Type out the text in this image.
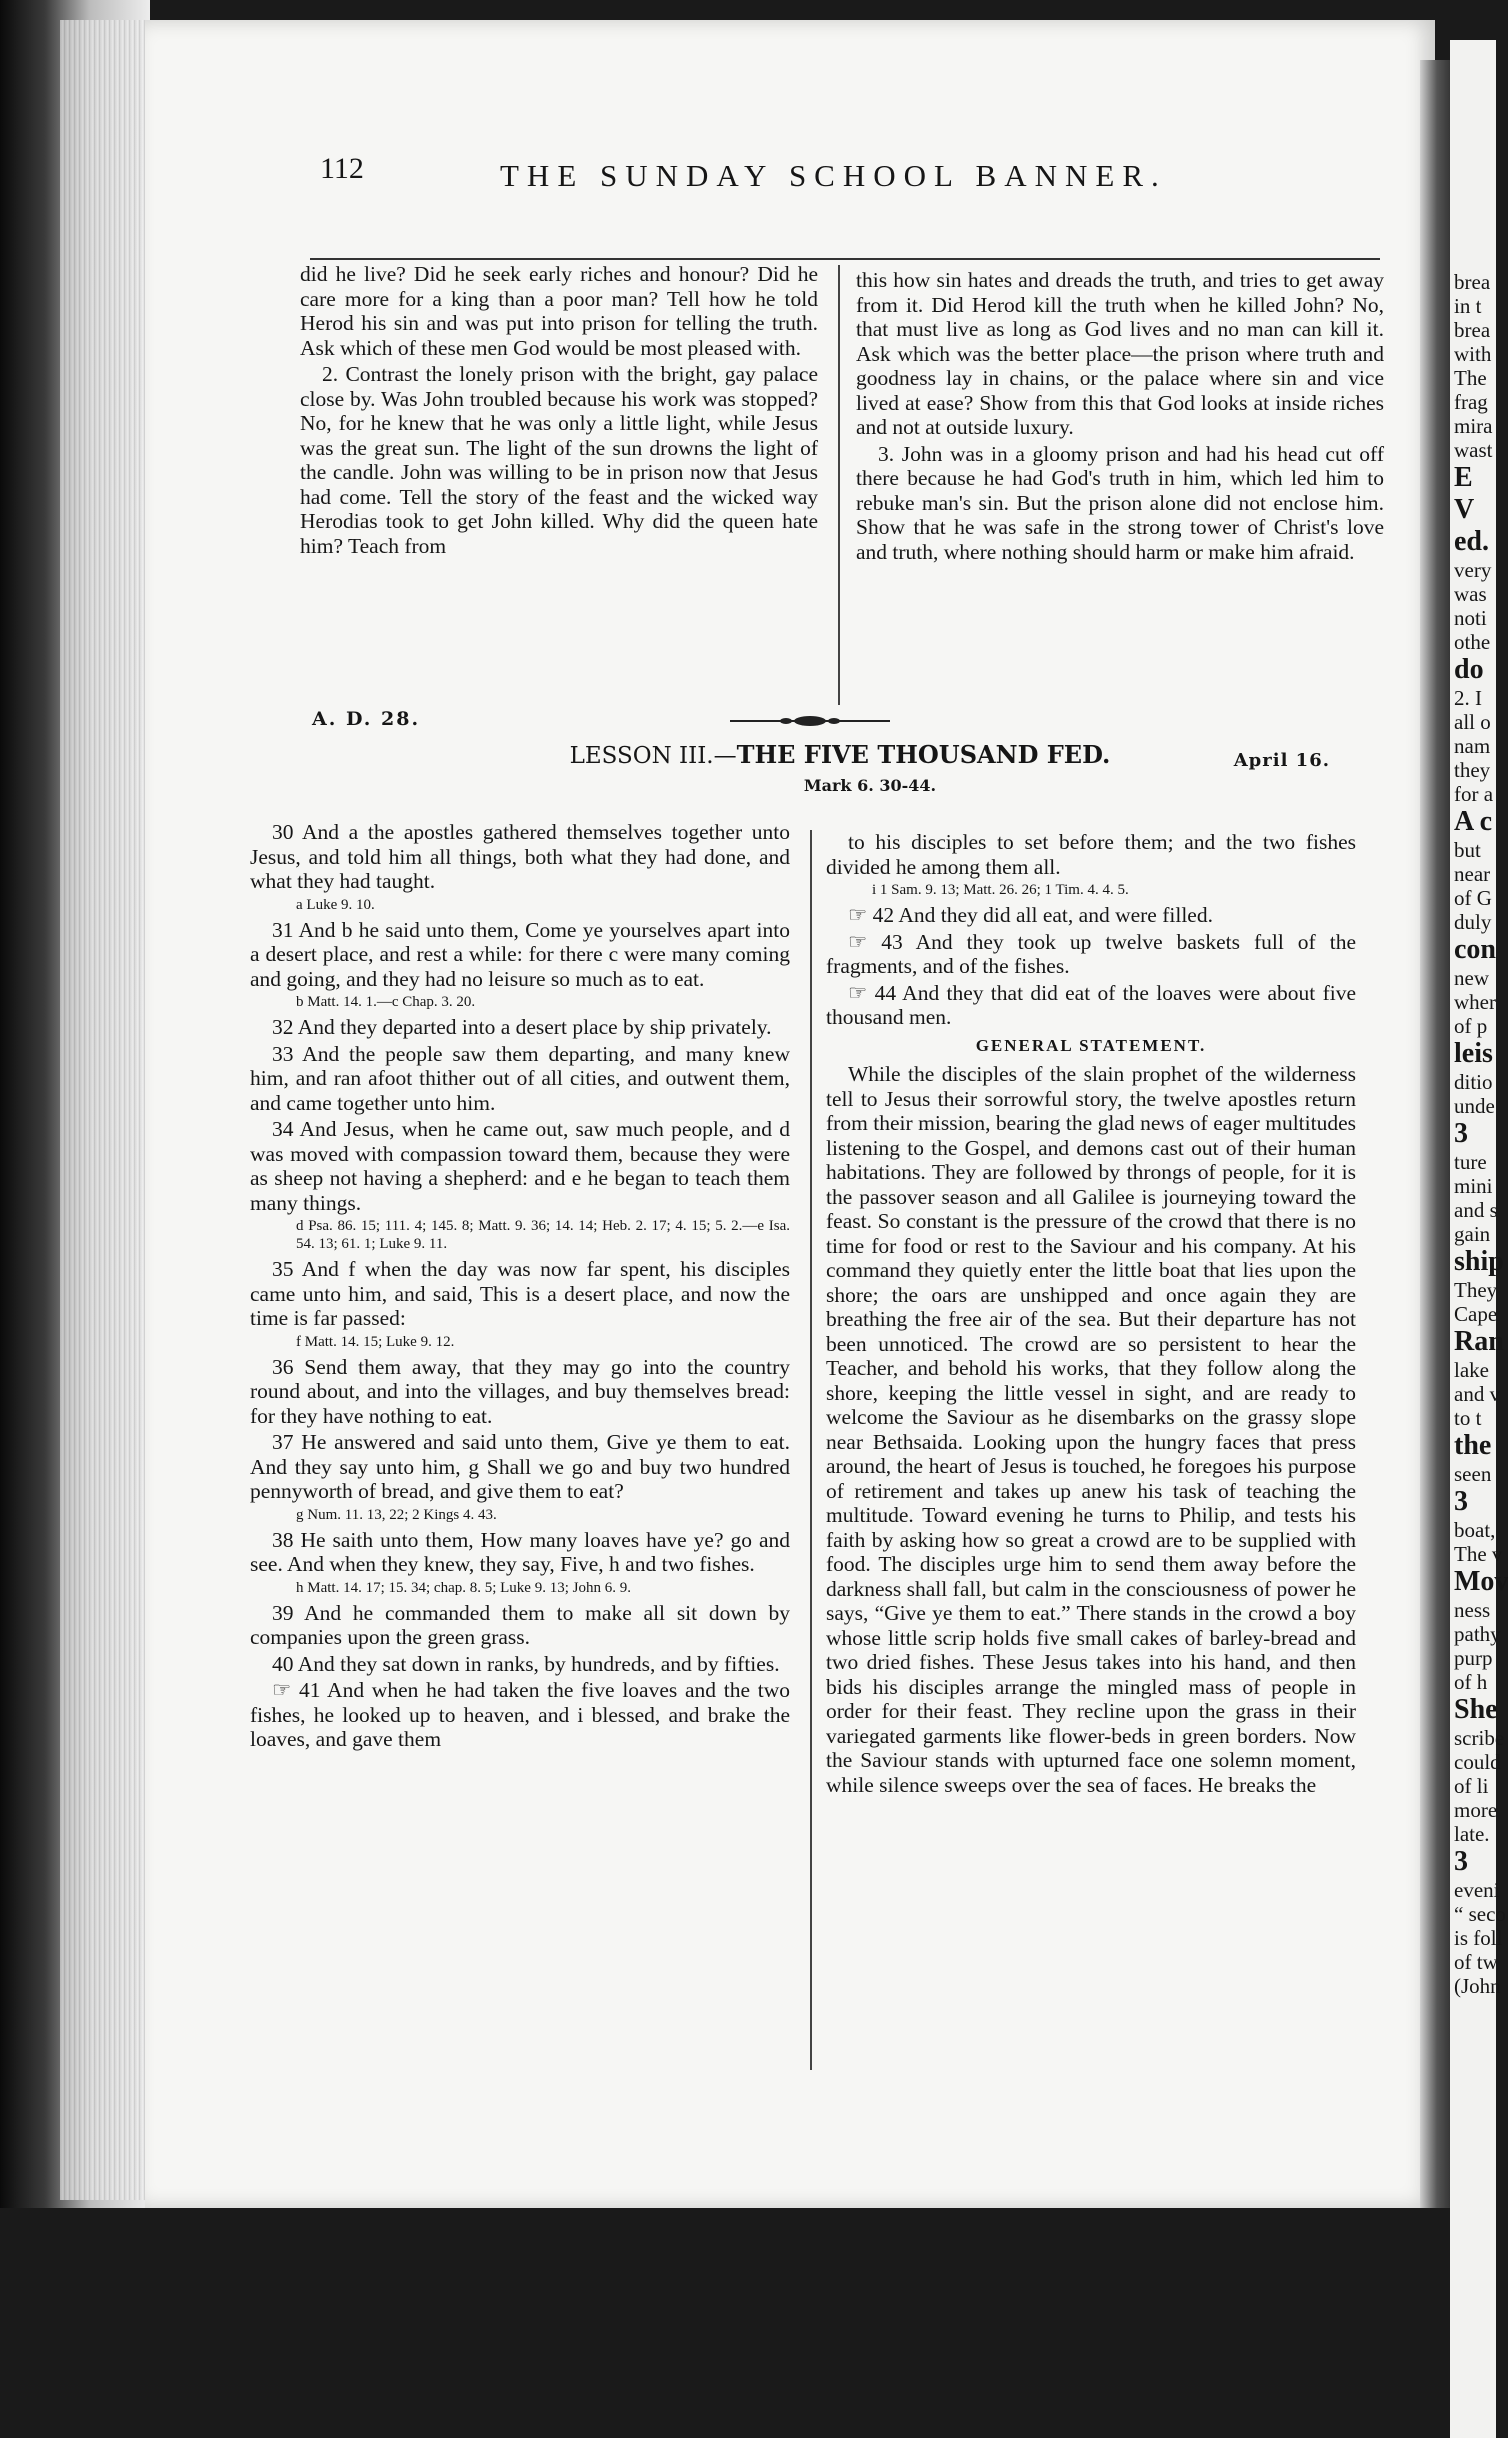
brea
in t
brea
with
The
frag
mira
wast
E
V
ed.
very
was
noti
othe
do
2. I
all o
nam
they
for a
A c
but
near
of G
duly
con
new
wher
of p
leis
ditio
unde
3
ture
mini
and s
gain
ship
They
Cape
Ran
lake
and v
to t
the
seen
3
boat,
The v
Mov
ness
pathy
purp
of h
She
scribe
could
of li
more
late.
3
eveni
“ seco
is foll
of tw
(John
112	THE SUNDAY SCHOOL BANNER.

did he live? Did he seek early riches and honour? Did he care more for a king than a poor man? Tell how he told Herod his sin and was put into prison for telling the truth. Ask which of these men God would be most pleased with.

2. Contrast the lonely prison with the bright, gay palace close by. Was John troubled because his work was stopped? No, for he knew that he was only a little light, while Jesus was the great sun. The light of the sun drowns the light of the candle. John was willing to be in prison now that Jesus had come. Tell the story of the feast and the wicked way Herodias took to get John killed. Why did the queen hate him? Teach from

this how sin hates and dreads the truth, and tries to get away from it. Did Herod kill the truth when he killed John? No, that must live as long as God lives and no man can kill it. Ask which was the better place—the prison where truth and goodness lay in chains, or the palace where sin and vice lived at ease? Show from this that God looks at inside riches and not at outside luxury.

3. John was in a gloomy prison and had his head cut off there because he had God's truth in him, which led him to rebuke man's sin. But the prison alone did not enclose him. Show that he was safe in the strong tower of Christ's love and truth, where nothing should harm or make him afraid.

A. D. 28.
LESSON III.—THE FIVE THOUSAND FED.	April 16.
Mark 6. 30-44.

30 And a the apostles gathered themselves together unto Jesus, and told him all things, both what they had done, and what they had taught.

a Luke 9. 10.

31 And b he said unto them, Come ye yourselves apart into a desert place, and rest a while: for there c were many coming and going, and they had no leisure so much as to eat.

b Matt. 14. 1.—c Chap. 3. 20.

32 And they departed into a desert place by ship privately.

33 And the people saw them departing, and many knew him, and ran afoot thither out of all cities, and outwent them, and came together unto him.

34 And Jesus, when he came out, saw much people, and d was moved with compassion toward them, because they were as sheep not having a shepherd: and e he began to teach them many things.

d Psa. 86. 15; 111. 4; 145. 8; Matt. 9. 36; 14. 14; Heb. 2. 17; 4. 15; 5. 2.—e Isa. 54. 13; 61. 1; Luke 9. 11.

35 And f when the day was now far spent, his disciples came unto him, and said, This is a desert place, and now the time is far passed:

f Matt. 14. 15; Luke 9. 12.

36 Send them away, that they may go into the country round about, and into the villages, and buy themselves bread: for they have nothing to eat.

37 He answered and said unto them, Give ye them to eat. And they say unto him, g Shall we go and buy two hundred pennyworth of bread, and give them to eat?

g Num. 11. 13, 22; 2 Kings 4. 43.

38 He saith unto them, How many loaves have ye? go and see. And when they knew, they say, Five, h and two fishes.

h Matt. 14. 17; 15. 34; chap. 8. 5; Luke 9. 13; John 6. 9.

39 And he commanded them to make all sit down by companies upon the green grass.

40 And they sat down in ranks, by hundreds, and by fifties.

☞ 41 And when he had taken the five loaves and the two fishes, he looked up to heaven, and i blessed, and brake the loaves, and gave them

to his disciples to set before them; and the two fishes divided he among them all.

i 1 Sam. 9. 13; Matt. 26. 26; 1 Tim. 4. 4. 5.

☞ 42 And they did all eat, and were filled.

☞ 43 And they took up twelve baskets full of the fragments, and of the fishes.

☞ 44 And they that did eat of the loaves were about five thousand men.

GENERAL STATEMENT.

While the disciples of the slain prophet of the wilderness tell to Jesus their sorrowful story, the twelve apostles return from their mission, bearing the glad news of eager multitudes listening to the Gospel, and demons cast out of their human habitations. They are followed by throngs of people, for it is the passover season and all Galilee is journeying toward the feast. So constant is the pressure of the crowd that there is no time for food or rest to the Saviour and his company. At his command they quietly enter the little boat that lies upon the shore; the oars are unshipped and once again they are breathing the free air of the sea. But their departure has not been unnoticed. The crowd are so persistent to hear the Teacher, and behold his works, that they follow along the shore, keeping the little vessel in sight, and are ready to welcome the Saviour as he disembarks on the grassy slope near Bethsaida. Looking upon the hungry faces that press around, the heart of Jesus is touched, he foregoes his purpose of retirement and takes up anew his task of teaching the multitude. Toward evening he turns to Philip, and tests his faith by asking how so great a crowd are to be supplied with food. The disciples urge him to send them away before the darkness shall fall, but calm in the consciousness of power he says, “Give ye them to eat.” There stands in the crowd a boy whose little scrip holds five small cakes of barley-bread and two dried fishes. These Jesus takes into his hand, and then bids his disciples arrange the mingled mass of people in order for their feast. They recline upon the grass in their variegated garments like flower-beds in green borders. Now the Saviour stands with upturned face one solemn moment, while silence sweeps over the sea of faces. He breaks the
